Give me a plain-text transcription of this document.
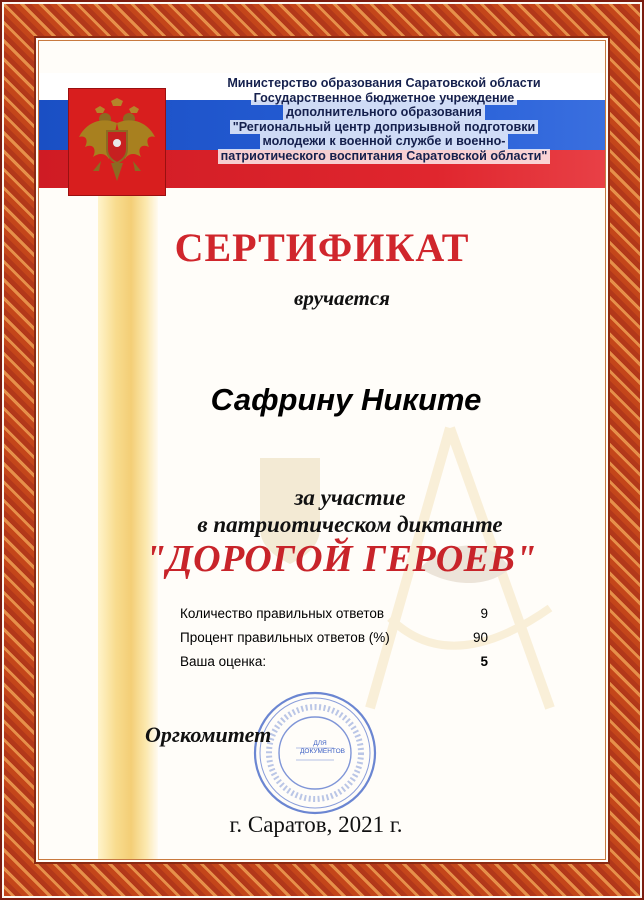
Министерство образования Саратовской области
Государственное бюджетное учреждение
дополнительного образования
"Региональный центр допризывной подготовки
молодежи к военной службе и военно-
патриотического воспитания Саратовской области"
СЕРТИФИКАТ
вручается
Сафрину Никите
за участие
в патриотическом диктанте
"ДОРОГОЙ ГЕРОЕВ"
Количество правильных ответов	9
Процент правильных ответов (%)	90
Ваша оценка:	5
ДЛЯ ДОКУМЕНТОВ
Оргкомитет
г. Саратов, 2021 г.
